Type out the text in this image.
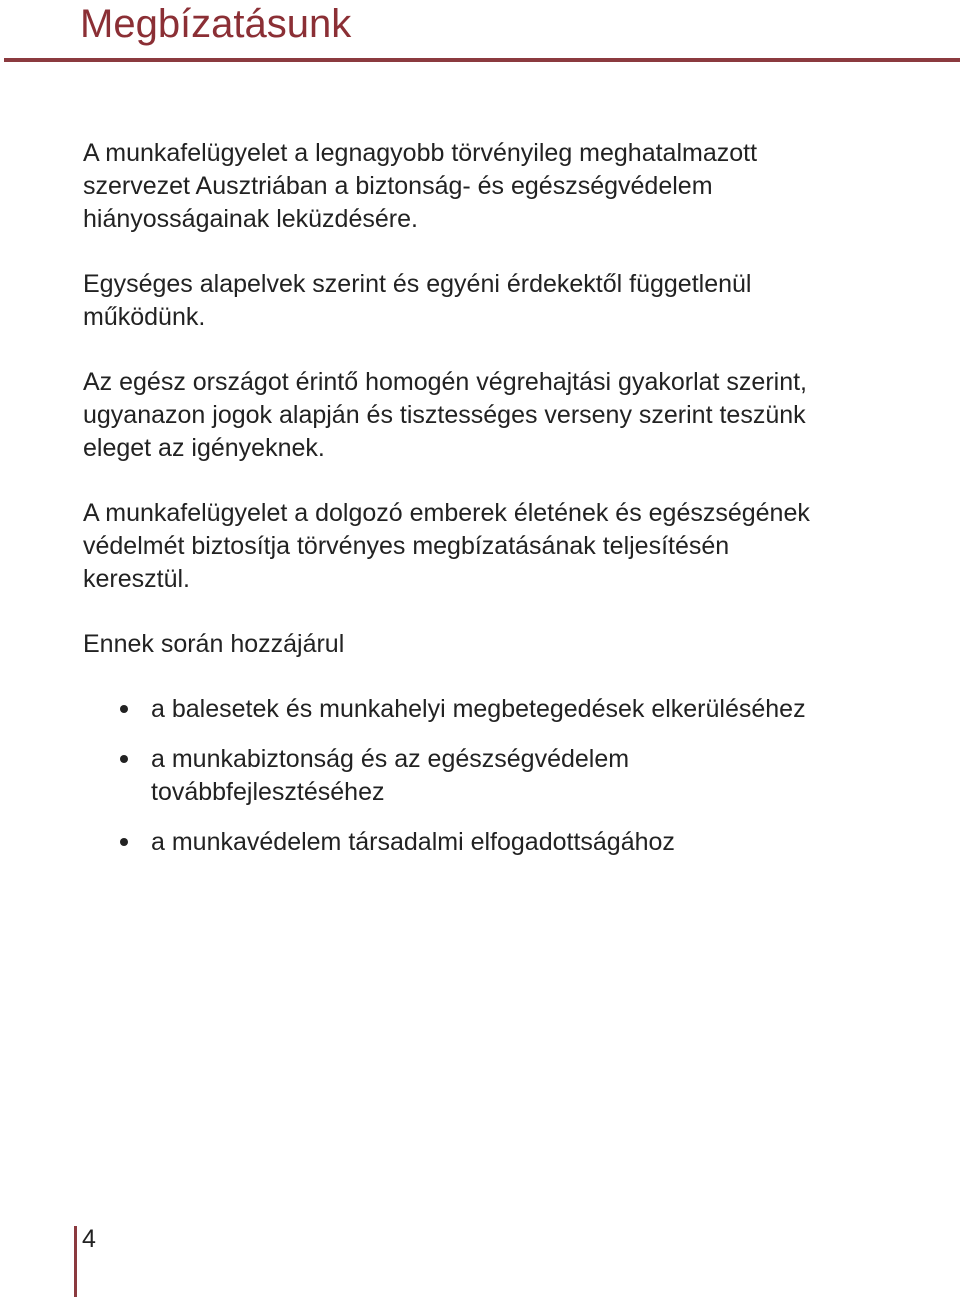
Megbízatásunk

A munkafelügyelet a legnagyobb törvényileg meghatalmazott szervezet Ausztriában a biztonság- és egészségvédelem hiányosságainak leküzdésére.

Egységes alapelvek szerint és egyéni érdekektől függetlenül működünk.

Az egész országot érintő homogén végrehajtási gyakorlat szerint, ugyanazon jogok alapján és tisztességes verseny szerint teszünk eleget az igényeknek.

A munkafelügyelet a dolgozó emberek életének és egészségének védelmét biztosítja törvényes megbízatásának teljesítésén keresztül.

Ennek során hozzájárul

a balesetek és munkahelyi megbetegedések elkerüléséhez
a munkabiztonság és az egészségvédelem továbbfejlesztéséhez
a munkavédelem társadalmi elfogadottságához
4
